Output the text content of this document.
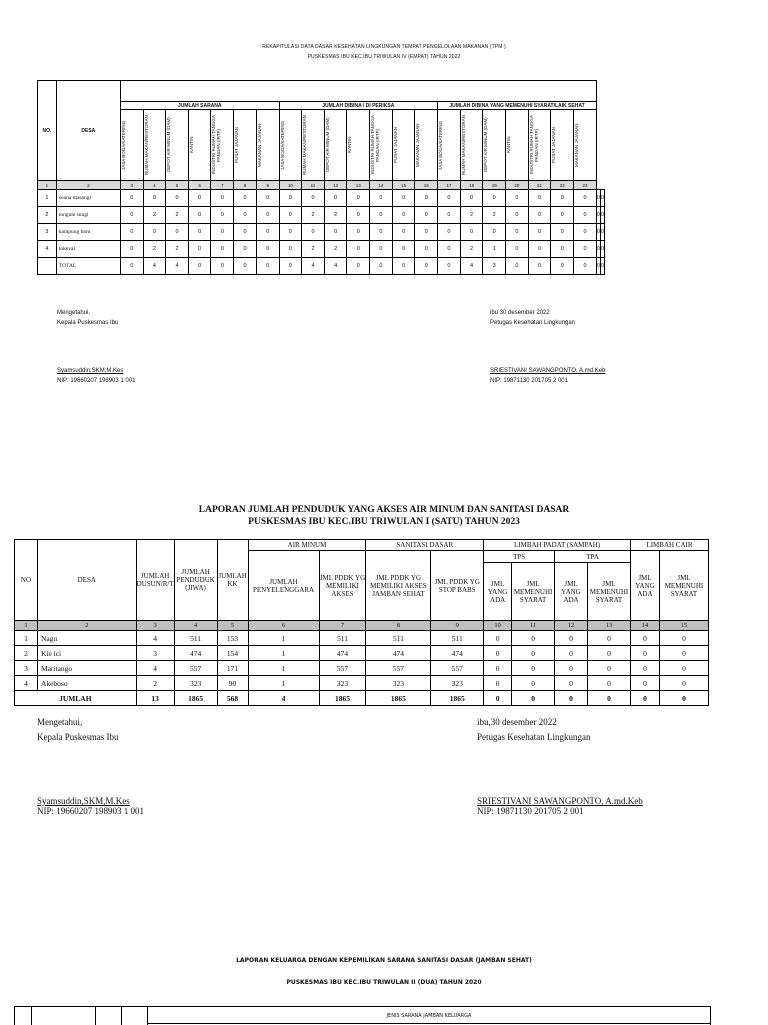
REKAPITULASI DATA DASAR KESEHATAN LINGKUNGAN TEMPAT PENGELOLAAN MAKANAN (TPM )
PUSKESMAS IBU KEC.IBU TRIWULAN IV (EMPAT) TAHUN 2022
NO.	DESA																							
		JUMLAH SARANA							JUMLAH DIBINA / DI PERIKSA							JUMLAH DIBINA YANG MEMENUHI SYARAT/LAIK SEHAT								

		JASA BOGA/KATERING	RUMAH MAKAN/RESTORAN	DEPOT AIR MINUM (DAM)	KANTIN	INDUSTRI RUMAH TANGGA PANGAN (IRTP)	PUSAT JAJANAN	MAKANAN JAJANAN	JASA BOGA/KATERING	RUMAH MAKAN/RESTORAN	DEPOT AIR MINUM (DAM)	KANTIN	INDUSTRI RUMAH TANGGA PANGAN (IRTP)	PUSAT JAJANAN	MAKANAN JAJANAN	JASA BOGA/KATERING	RUMAH MAKAN/RESTORAN	DEPOT AIR MINUM (DAM)	KANTIN	INDUSTRI RUMAH TANGGA PANGAN (IRTP)	PUSAT JAJANAN	MAKANAN JAJANAN		

1	2	3	4	5	6	7	8	9	10	11	12	13	14	15	16	17	18	19	20	21	22	23		
1	soana masangi	0	0	0	0	0	0	0	0	0	0	0	0	0	0	0	0	0	0	0	0	0	0	0
2	tongute sungi	0	2	2	0	0	0	0	0	2	2	0	0	0	0	0	2	2	0	0	0	0	0	0
3	kampung baru	0	0	0	0	0	0	0	0	0	0	0	0	0	0	0	0	0	0	0	0	0	0	0
4	tokeval	0	2	2	0	0	0	0	0	2	2	0	0	0	0	0	2	1	0	0	0	0	0	0
	TOTAL	0	4	4	0	0	0	0	0	4	4	0	0	0	0	0	4	3	0	0	0	0	0	0
Mengetahui,
Kepala Puskesmas Ibu
Syamsuddin,SKM,M.Kes
NIP: 19660207 198903 1 001
ibu 30 desember 2022
Petugas Kesehatan Lingkungan
SRIESTIVANI SAWANGPONTO, A.md.Keb
NIP: 19871130 201705 2 001
LAPORAN JUMLAH PENDUDUK YANG AKSES AIR MINUM DAN SANITASI DASAR
PUSKESMAS IBU KEC.IBU TRIWULAN I (SATU) TAHUN 2023
NO	DESA	JUMLAH DUSUN/R/T	JUMLAH PENDUDUK (JIWA)	JUMLAH KK	AIR MINUM		SANITASI DASAR		LIMBAH PADAT (SAMPAH)				LIMBAH CAIR	
					JUMLAH PENYELENGGARA	JML PDDK YG MEMILIKI AKSES	JML PDDK YG MEMILIKI AKSES JAMBAN SEHAT	JML PDDK YG STOP BABS	TPS		TPA		JML YANG ADA	JML MEMENUHI SYARAT
									JML YANG ADA	JML MEMENUHI SYARAT	JML YANG ADA	JML MEMENUHI SYARAT		
1	2	3	4	5	6	7	8	9	10	11	12	13	14	15
1	Nagu	4	511	153	1	511	511	511	0	0	0	0	0	0
2	Kie ici	3	474	154	1	474	474	474	0	0	0	0	0	0
3	Maritango	4	557	171	1	557	557	557	0	0	0	0	0	0
4	Akeboso	2	323	90	1	323	323	323	0	0	0	0	0	0
JUMLAH		13	1865	568	4	1865	1865	1865	0	0	0	0	0	0
Mengetahui,
Kepala Puskesmas Ibu
Syamsuddin,SKM,M.Kes
NIP: 19660207 198903 1 001
ibu,30 desember 2022
Petugas Kesehatan Lingkungan
SRIESTIVANI SAWANGPONTO, A.md.Keb
NIP: 19871130 201705 2 001
LAPORAN KELUARGA DENGAN KEPEMILIKAN SARANA SANITASI DASAR (JAMBAN SEHAT)
PUSKESMAS IBU KEC.IBU TRIWULAN II (DUA) TAHUN 2020
JENIS SARANA JAMBAN KELUARGA
